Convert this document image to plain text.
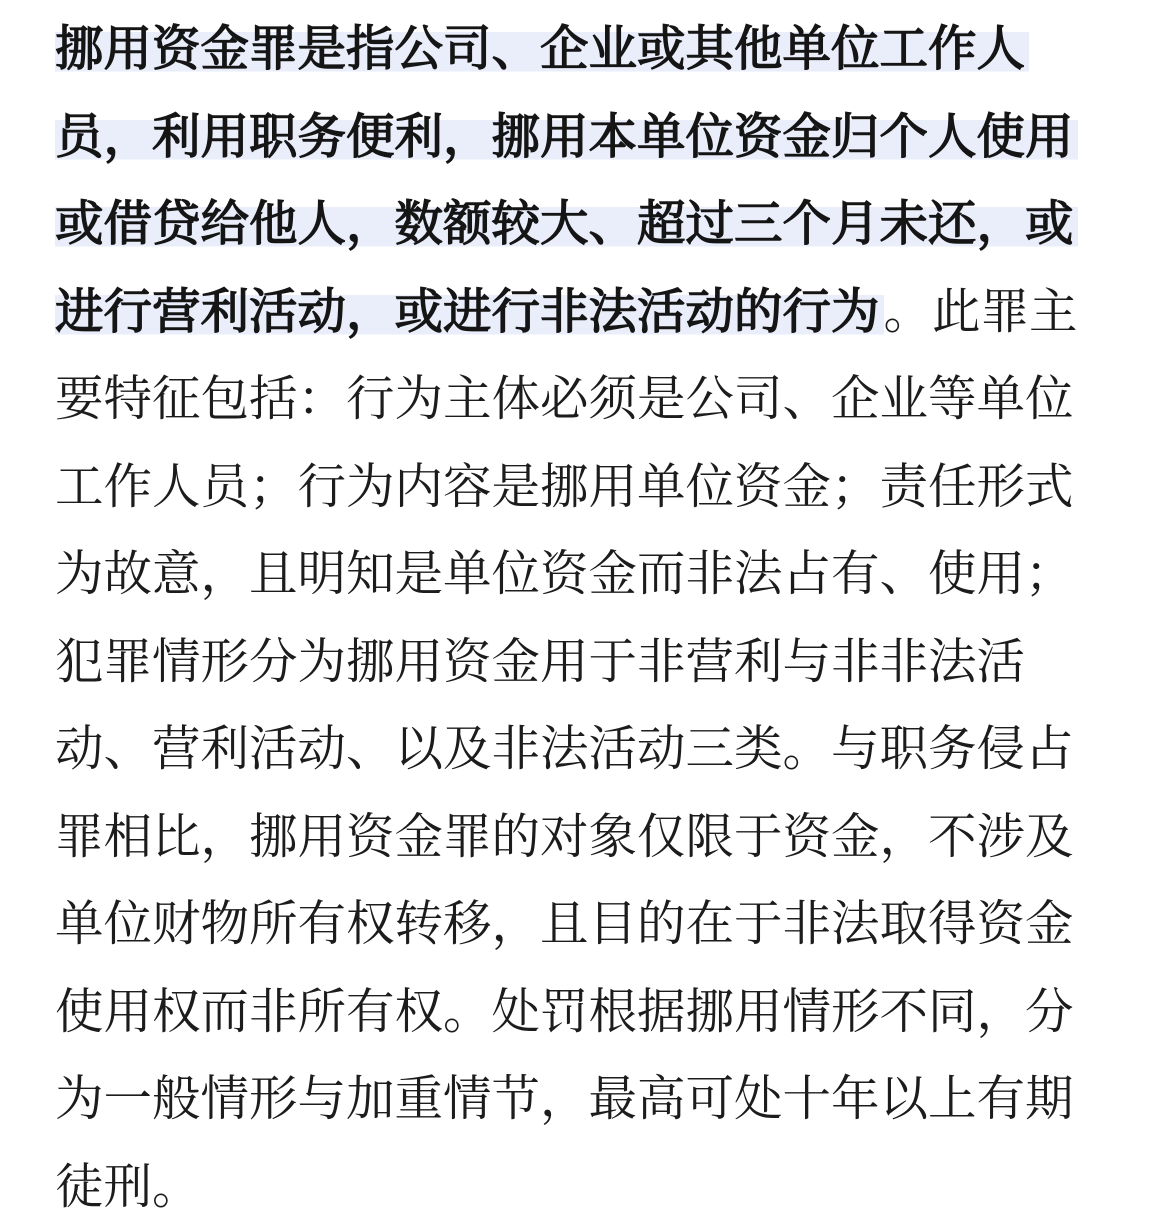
挪用资金罪是指公司、企业或其他单位工作人
员，利用职务便利，挪用本单位资金归个人使用
或借贷给他人，数额较大、超过三个月未还，或
进行营利活动，或进行非法活动的行为。此罪主
要特征包括：行为主体必须是公司、企业等单位
工作人员；行为内容是挪用单位资金；责任形式
为故意，且明知是单位资金而非法占有、使用；
犯罪情形分为挪用资金用于非营利与非非法活
动、营利活动、以及非法活动三类。与职务侵占
罪相比，挪用资金罪的对象仅限于资金，不涉及
单位财物所有权转移，且目的在于非法取得资金
使用权而非所有权。处罚根据挪用情形不同，分
为一般情形与加重情节，最高可处十年以上有期
徒刑。
